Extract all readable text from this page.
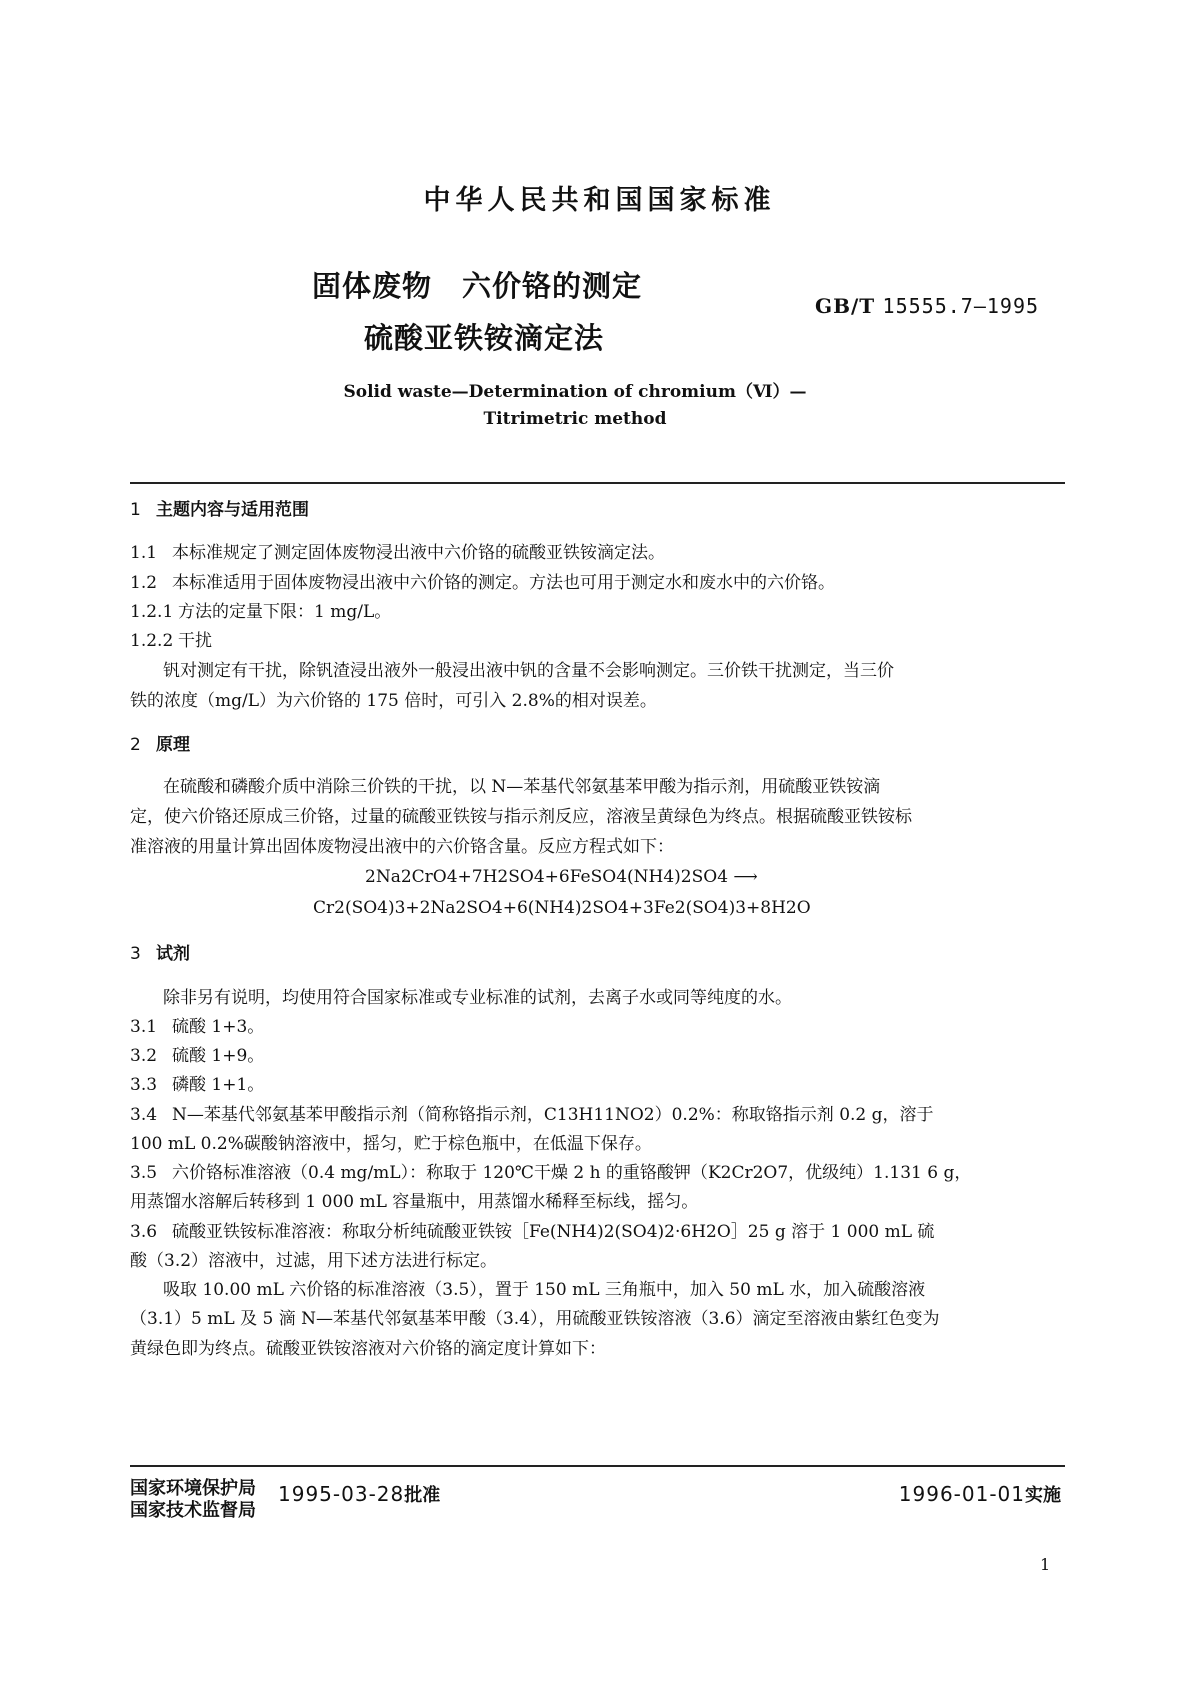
中华人民共和国国家标准
固体废物　六价铬的测定
硫酸亚铁铵滴定法
GB/T 15555.7—1995
Solid waste—Determination of chromium（Ⅵ）—
Titrimetric method
1 主题内容与适用范围
1.1 本标准规定了测定固体废物浸出液中六价铬的硫酸亚铁铵滴定法。
1.2 本标准适用于固体废物浸出液中六价铬的测定。方法也可用于测定水和废水中的六价铬。
1.2.1 方法的定量下限：1 mg/L。
1.2.2 干扰
钒对测定有干扰，除钒渣浸出液外一般浸出液中钒的含量不会影响测定。三价铁干扰测定，当三价
铁的浓度（mg/L）为六价铬的 175 倍时，可引入 2.8%的相对误差。
2 原理
在硫酸和磷酸介质中消除三价铁的干扰，以 N—苯基代邻氨基苯甲酸为指示剂，用硫酸亚铁铵滴
定，使六价铬还原成三价铬，过量的硫酸亚铁铵与指示剂反应，溶液呈黄绿色为终点。根据硫酸亚铁铵标
准溶液的用量计算出固体废物浸出液中的六价铬含量。反应方程式如下：
2Na2CrO4+7H2SO4+6FeSO4(NH4)2SO4 ⟶
Cr2(SO4)3+2Na2SO4+6(NH4)2SO4+3Fe2(SO4)3+8H2O
3 试剂
除非另有说明，均使用符合国家标准或专业标准的试剂，去离子水或同等纯度的水。
3.1 硫酸 1+3。
3.2 硫酸 1+9。
3.3 磷酸 1+1。
3.4 N—苯基代邻氨基苯甲酸指示剂（简称铬指示剂，C13H11NO2）0.2%：称取铬指示剂 0.2 g，溶于
100 mL 0.2%碳酸钠溶液中，摇匀，贮于棕色瓶中，在低温下保存。
3.5 六价铬标准溶液（0.4 mg/mL）：称取于 120℃干燥 2 h 的重铬酸钾（K2Cr2O7，优级纯）1.131 6 g，
用蒸馏水溶解后转移到 1 000 mL 容量瓶中，用蒸馏水稀释至标线，摇匀。
3.6 硫酸亚铁铵标准溶液：称取分析纯硫酸亚铁铵［Fe(NH4)2(SO4)2·6H2O］25 g 溶于 1 000 mL 硫
酸（3.2）溶液中，过滤，用下述方法进行标定。
吸取 10.00 mL 六价铬的标准溶液（3.5），置于 150 mL 三角瓶中，加入 50 mL 水，加入硫酸溶液
（3.1）5 mL 及 5 滴 N—苯基代邻氨基苯甲酸（3.4），用硫酸亚铁铵溶液（3.6）滴定至溶液由紫红色变为
黄绿色即为终点。硫酸亚铁铵溶液对六价铬的滴定度计算如下：
国家环境保护局
国家技术监督局
1995-03-28批准	1996-01-01实施
1
